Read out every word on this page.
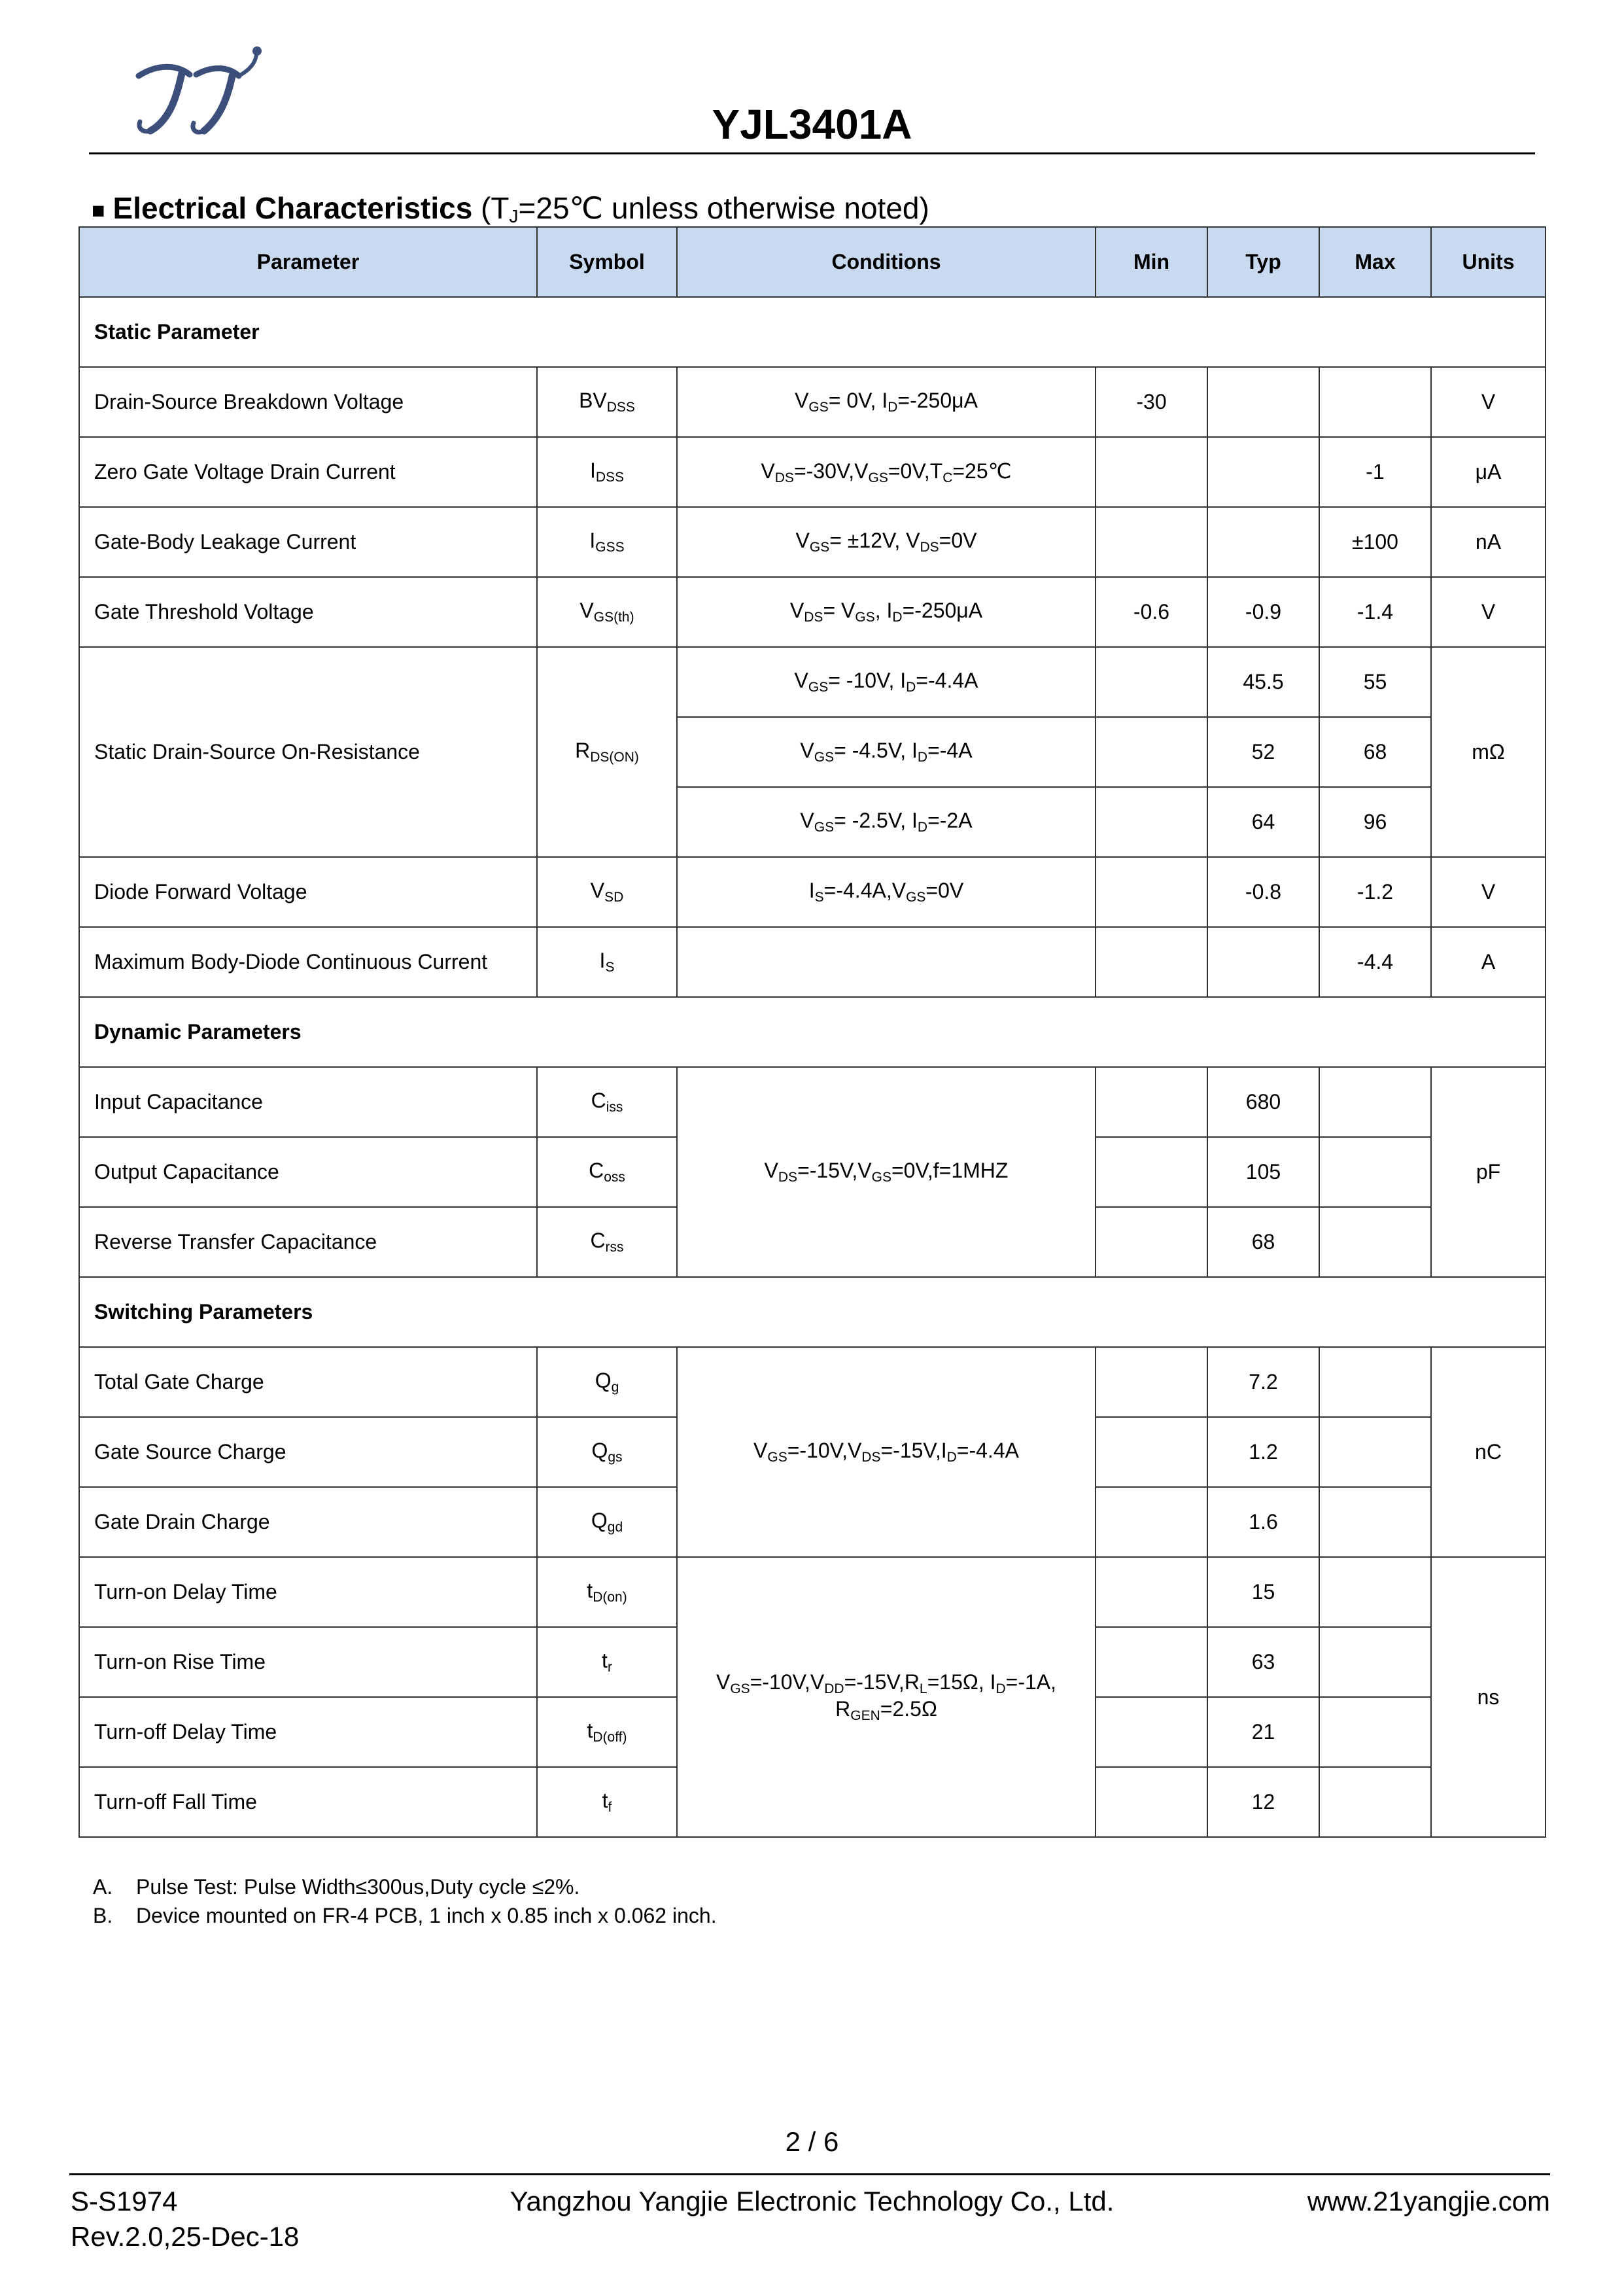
YJL3401A
■ Electrical Characteristics ($T_J=25℃$ unless otherwise noted)
Parameter	Symbol	Conditions	Min	Typ	Max	Units
Static Parameter						
Drain-Source Breakdown Voltage	$BV_{DSS}$	$V_{GS}= 0V$, $I_D=-250\mu A$	-30			V
Zero Gate Voltage Drain Current	$I_{DSS}$	$V_{DS}=-30V,V_{GS}=0V,T_C=25℃$			-1	μA
Gate-Body Leakage Current	$I_{GSS}$	$V_{GS}= \pm 12V$, $V_{DS}=0V$			±100	nA
Gate Threshold Voltage	$V_{GS(th)}$	$V_{DS}= V_{GS}$, $I_D=-250\mu A$	-0.6	-0.9	-1.4	V
Static Drain-Source On-Resistance	$R_{DS(ON)}$	$V_{GS}= -10V$, $I_D=-4.4A$		45.5	55	mΩ
		$V_{GS}= -4.5V$, $I_D=-4A$		52	68	
		$V_{GS}= -2.5V$, $I_D=-2A$		64	96	
Diode Forward Voltage	$V_{SD}$	$I_S=-4.4A,V_{GS}=0V$		-0.8	-1.2	V
Maximum Body-Diode Continuous Current	$I_S$				-4.4	A
Dynamic Parameters						
Input Capacitance	$C_{iss}$	$V_{DS}=-15V,V_{GS}=0V,f=1MHZ$		680		pF
Output Capacitance	$C_{oss}$			105		
Reverse Transfer Capacitance	$C_{rss}$			68		
Switching Parameters						
Total Gate Charge	$Q_g$	$V_{GS}=-10V,V_{DS}=-15V,I_D=-4.4A$		7.2		nC
Gate Source Charge	$Q_{gs}$			1.2		
Gate Drain Charge	$Q_{gd}$			1.6		
Turn-on Delay Time	$t_{D(on)}$	$V_{GS}=-10V,V_{DD}=-15V,R_L=15\Omega$, $I_D=-1A$,
$R_{GEN}=2.5\Omega$		15		ns
Turn-on Rise Time	$t_r$			63		
Turn-off Delay Time	$t_{D(off)}$			21		
Turn-off Fall Time	$t_f$			12		
A. Pulse Test: Pulse Width≤300us,Duty cycle ≤2%.
B. Device mounted on FR-4 PCB, 1 inch x 0.85 inch x 0.062 inch.
2 / 6
S-S1974
Rev.2.0,25-Dec-18
Yangzhou Yangjie Electronic Technology Co., Ltd.	www.21yangjie.com
